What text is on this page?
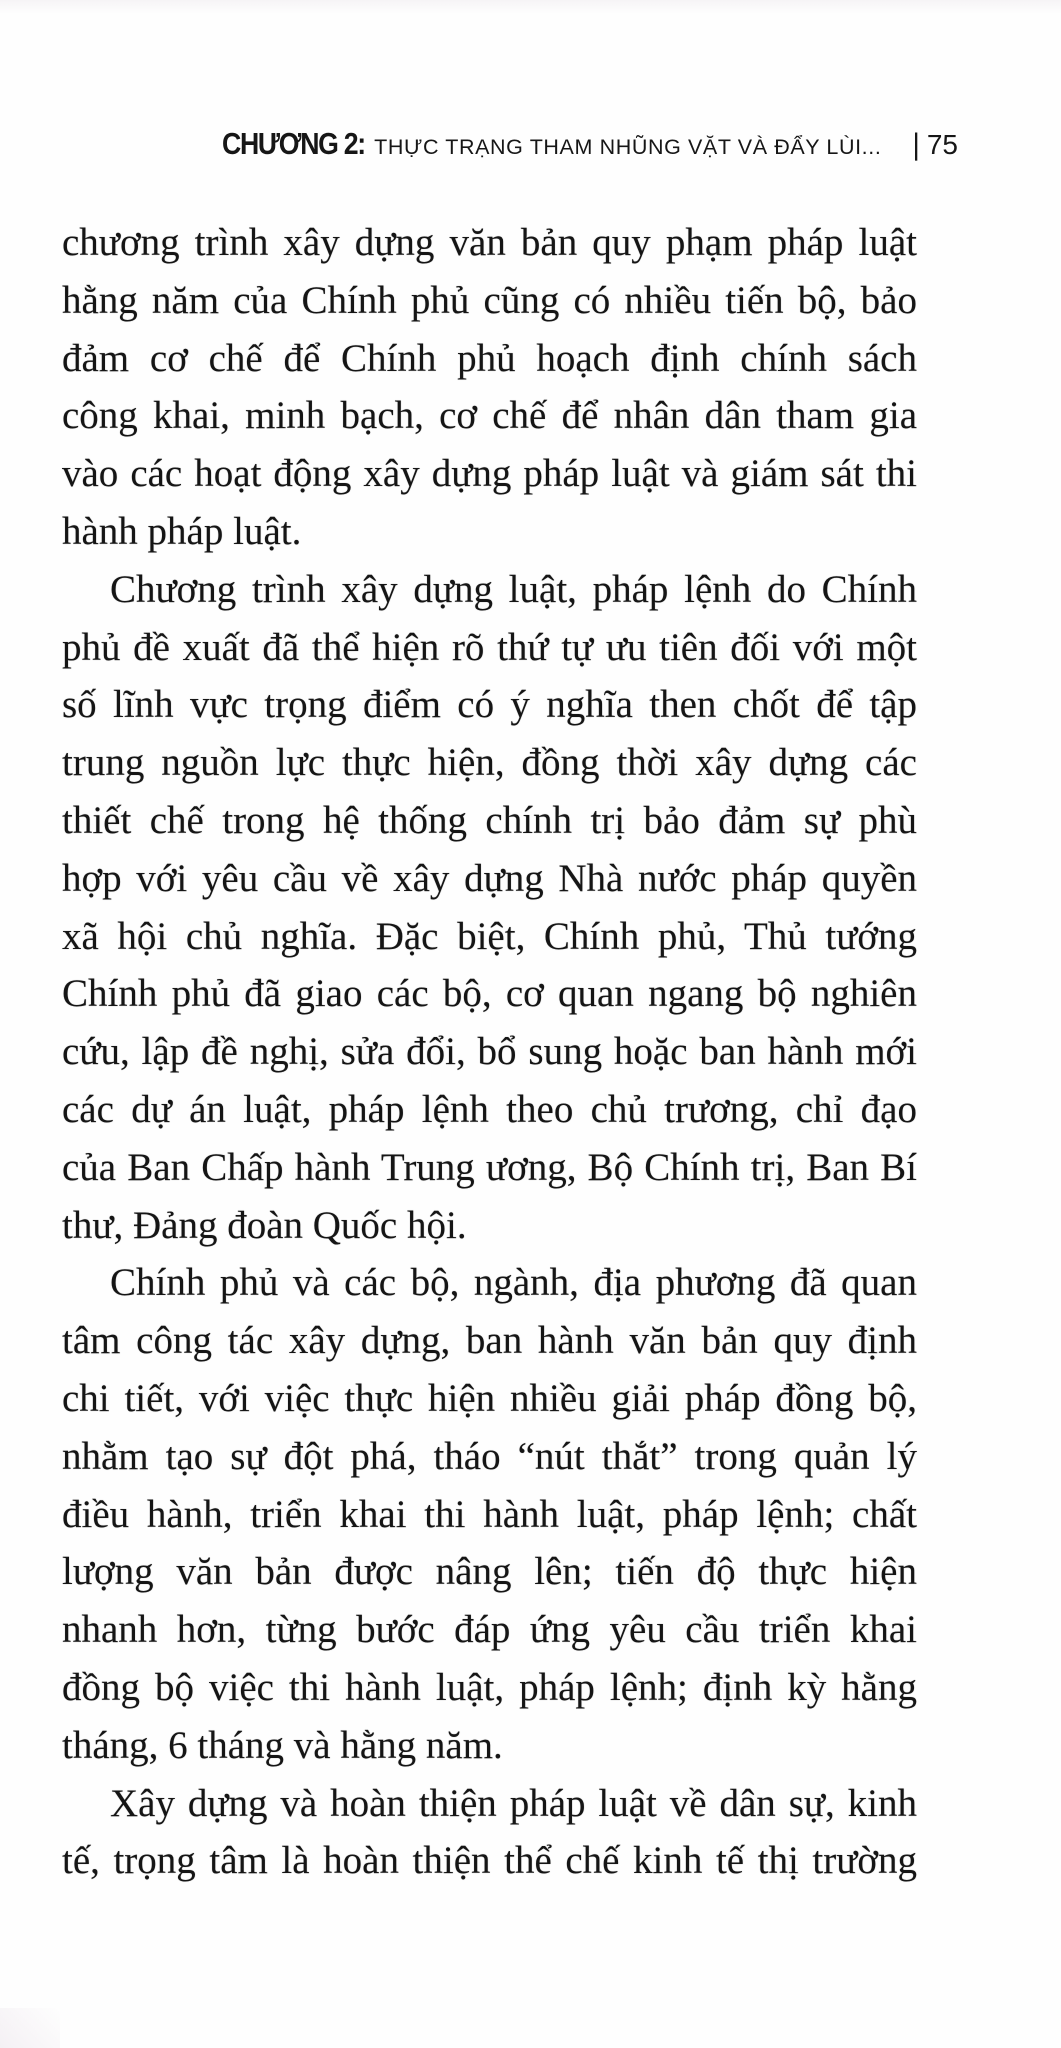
CHƯƠNG 2: THỰC TRẠNG THAM NHŨNG VẶT VÀ ĐẨY LÙI...	| 75
chương trình xây dựng văn bản quy phạm pháp luật
hằng năm của Chính phủ cũng có nhiều tiến bộ, bảo
đảm cơ chế để Chính phủ hoạch định chính sách
công khai, minh bạch, cơ chế để nhân dân tham gia
vào các hoạt động xây dựng pháp luật và giám sát thi
hành pháp luật.
Chương trình xây dựng luật, pháp lệnh do Chính
phủ đề xuất đã thể hiện rõ thứ tự ưu tiên đối với một
số lĩnh vực trọng điểm có ý nghĩa then chốt để tập
trung nguồn lực thực hiện, đồng thời xây dựng các
thiết chế trong hệ thống chính trị bảo đảm sự phù
hợp với yêu cầu về xây dựng Nhà nước pháp quyền
xã hội chủ nghĩa. Đặc biệt, Chính phủ, Thủ tướng
Chính phủ đã giao các bộ, cơ quan ngang bộ nghiên
cứu, lập đề nghị, sửa đổi, bổ sung hoặc ban hành mới
các dự án luật, pháp lệnh theo chủ trương, chỉ đạo
của Ban Chấp hành Trung ương, Bộ Chính trị, Ban Bí
thư, Đảng đoàn Quốc hội.
Chính phủ và các bộ, ngành, địa phương đã quan
tâm công tác xây dựng, ban hành văn bản quy định
chi tiết, với việc thực hiện nhiều giải pháp đồng bộ,
nhằm tạo sự đột phá, tháo “nút thắt” trong quản lý
điều hành, triển khai thi hành luật, pháp lệnh; chất
lượng văn bản được nâng lên; tiến độ thực hiện
nhanh hơn, từng bước đáp ứng yêu cầu triển khai
đồng bộ việc thi hành luật, pháp lệnh; định kỳ hằng
tháng, 6 tháng và hằng năm.
Xây dựng và hoàn thiện pháp luật về dân sự, kinh
tế, trọng tâm là hoàn thiện thể chế kinh tế thị trường
